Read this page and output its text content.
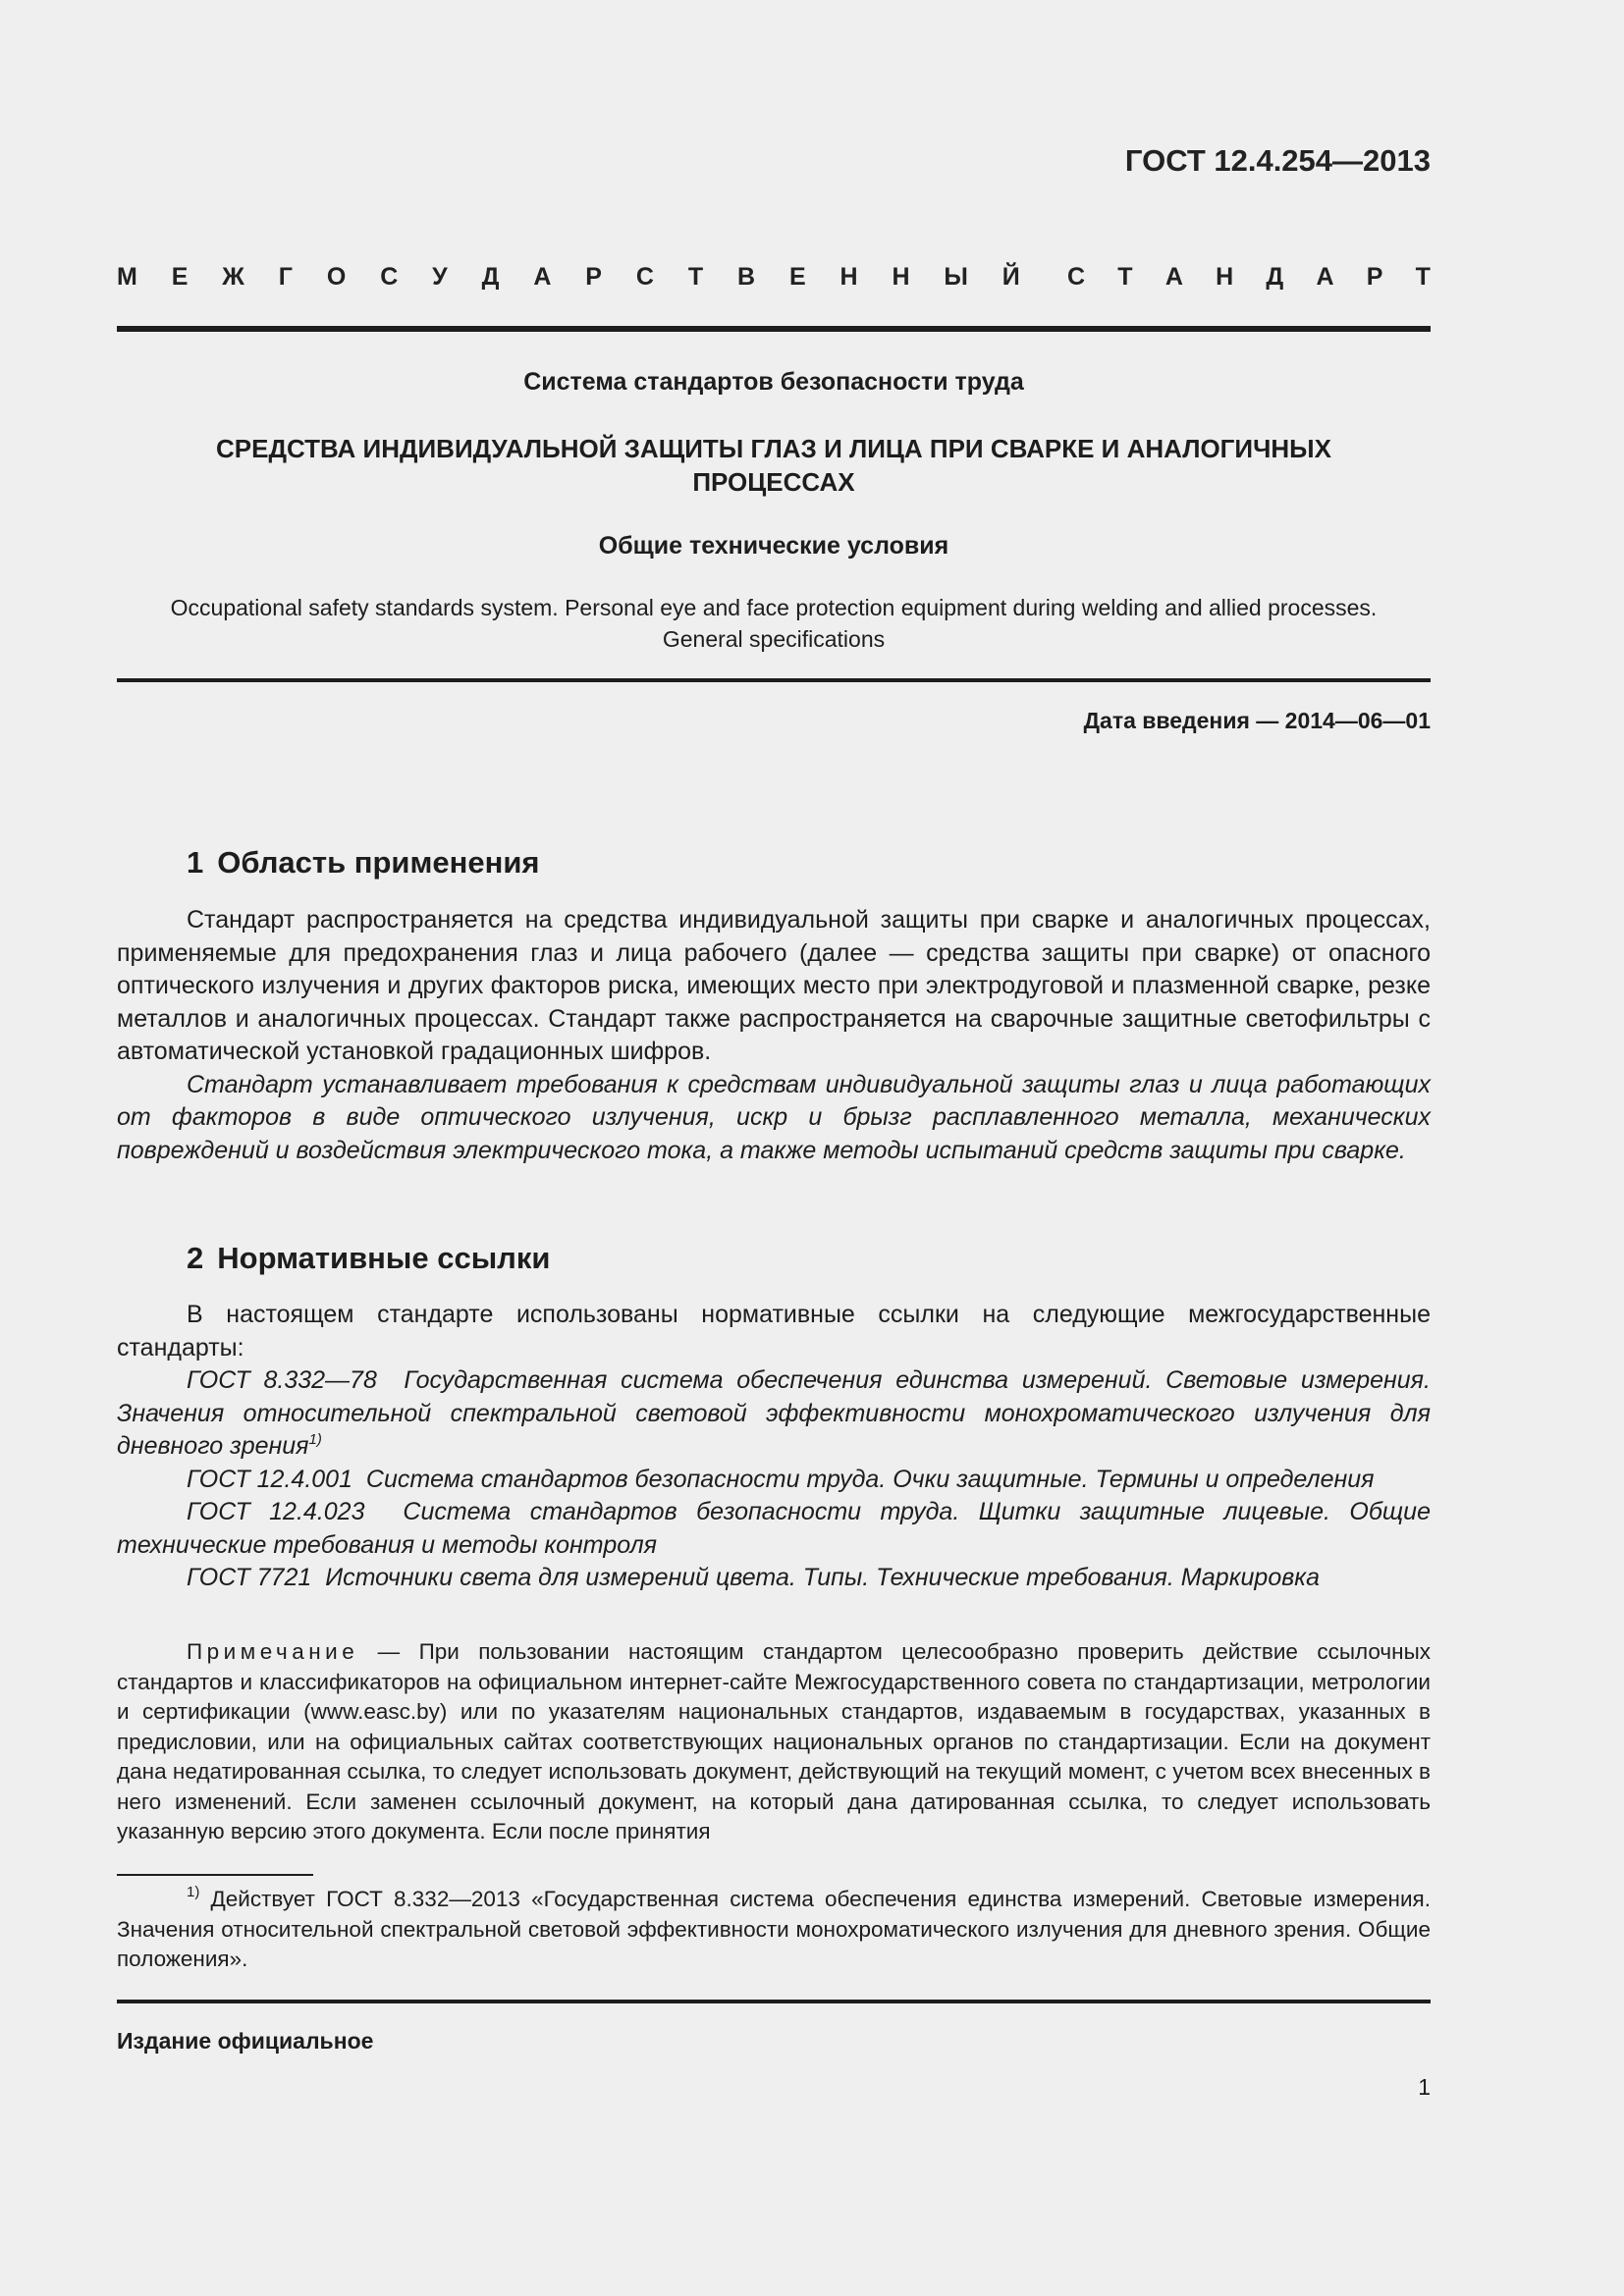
ГОСТ 12.4.254—2013
М Е Ж Г О С У Д А Р С Т В Е Н Н Ы Й С Т А Н Д А Р Т
Система стандартов безопасности труда
СРЕДСТВА ИНДИВИДУАЛЬНОЙ ЗАЩИТЫ ГЛАЗ И ЛИЦА ПРИ СВАРКЕ И АНАЛОГИЧНЫХ ПРОЦЕССАХ
Общие технические условия
Occupational safety standards system. Personal eye and face protection equipment during welding and allied processes.
General specifications
Дата введения — 2014—06—01
1 Область применения

Стандарт распространяется на средства индивидуальной защиты при сварке и аналогичных процессах, применяемые для предохранения глаз и лица рабочего (далее — средства защиты при сварке) от опасного оптического излучения и других факторов риска, имеющих место при электродуговой и плазменной сварке, резке металлов и аналогичных процессах. Стандарт также распространяется на сварочные защитные светофильтры с автоматической установкой градационных шифров.

Стандарт устанавливает требования к средствам индивидуальной защиты глаз и лица работающих от факторов в виде оптического излучения, искр и брызг расплавленного металла, механических повреждений и воздействия электрического тока, а также методы испытаний средств защиты при сварке.

2 Нормативные ссылки

В настоящем стандарте использованы нормативные ссылки на следующие межгосударственные стандарты:

ГОСТ 8.332—78 Государственная система обеспечения единства измерений. Световые измерения. Значения относительной спектральной световой эффективности монохроматического излучения для дневного зрения$^{1)}$

ГОСТ 12.4.001 Система стандартов безопасности труда. Очки защитные. Термины и определения

ГОСТ 12.4.023 Система стандартов безопасности труда. Щитки защитные лицевые. Общие технические требования и методы контроля

ГОСТ 7721 Источники света для измерений цвета. Типы. Технические требования. Маркировка

Примечание — При пользовании настоящим стандартом целесообразно проверить действие ссылочных стандартов и классификаторов на официальном интернет-сайте Межгосударственного совета по стандартизации, метрологии и сертификации (www.easc.by) или по указателям национальных стандартов, издаваемым в государствах, указанных в предисловии, или на официальных сайтах соответствующих национальных органов по стандартизации. Если на документ дана недатированная ссылка, то следует использовать документ, действующий на текущий момент, с учетом всех внесенных в него изменений. Если заменен ссылочный документ, на который дана датированная ссылка, то следует использовать указанную версию этого документа. Если после принятия

$^{1)}$ Действует ГОСТ 8.332—2013 «Государственная система обеспечения единства измерений. Световые измерения. Значения относительной спектральной световой эффективности монохроматического излучения для дневного зрения. Общие положения».

Издание официальное
1
